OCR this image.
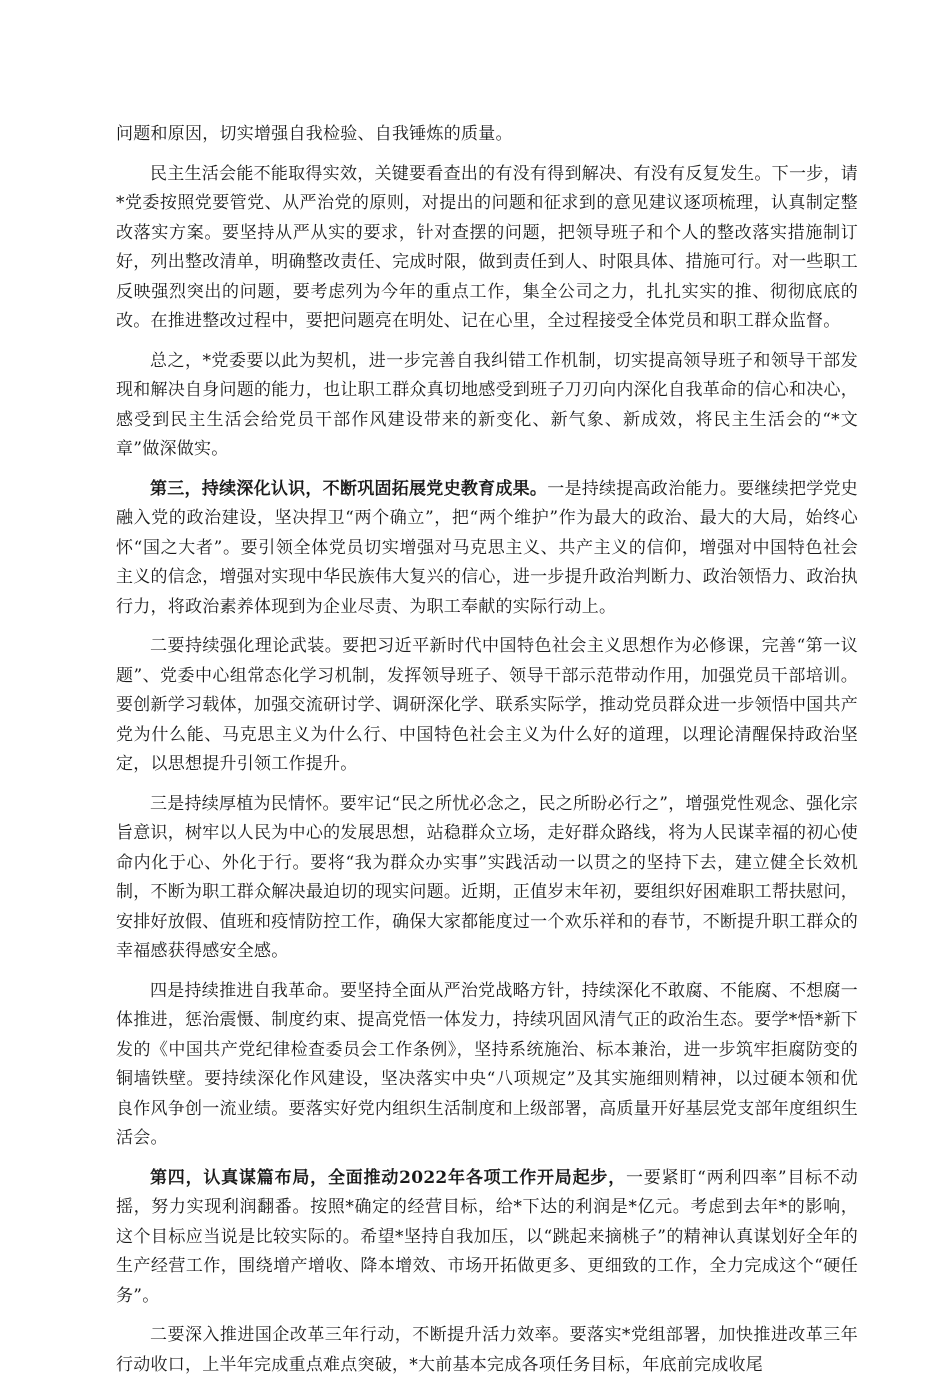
问题和原因，切实增强自我检验、自我锤炼的质量。

民主生活会能不能取得实效，关键要看查出的有没有得到解决、有没有反复发生。下一步，请*党委按照党要管党、从严治党的原则，对提出的问题和征求到的意见建议逐项梳理，认真制定整改落实方案。要坚持从严从实的要求，针对查摆的问题，把领导班子和个人的整改落实措施制订好，列出整改清单，明确整改责任、完成时限，做到责任到人、时限具体、措施可行。对一些职工反映强烈突出的问题，要考虑列为今年的重点工作，集全公司之力，扎扎实实的推、彻彻底底的改。在推进整改过程中，要把问题亮在明处、记在心里，全过程接受全体党员和职工群众监督。

总之，*党委要以此为契机，进一步完善自我纠错工作机制，切实提高领导班子和领导干部发现和解决自身问题的能力，也让职工群众真切地感受到班子刀刃向内深化自我革命的信心和决心，感受到民主生活会给党员干部作风建设带来的新变化、新气象、新成效，将民主生活会的“*文章”做深做实。

第三，持续深化认识，不断巩固拓展党史教育成果。一是持续提高政治能力。要继续把学党史融入党的政治建设，坚决捍卫“两个确立”，把“两个维护”作为最大的政治、最大的大局，始终心怀“国之大者”。要引领全体党员切实增强对马克思主义、共产主义的信仰，增强对中国特色社会主义的信念，增强对实现中华民族伟大复兴的信心，进一步提升政治判断力、政治领悟力、政治执行力，将政治素养体现到为企业尽责、为职工奉献的实际行动上。

二要持续强化理论武装。要把习近平新时代中国特色社会主义思想作为必修课，完善“第一议题”、党委中心组常态化学习机制，发挥领导班子、领导干部示范带动作用，加强党员干部培训。要创新学习载体，加强交流研讨学、调研深化学、联系实际学，推动党员群众进一步领悟中国共产党为什么能、马克思主义为什么行、中国特色社会主义为什么好的道理，以理论清醒保持政治坚定，以思想提升引领工作提升。

三是持续厚植为民情怀。要牢记“民之所忧必念之，民之所盼必行之”，增强党性观念、强化宗旨意识，树牢以人民为中心的发展思想，站稳群众立场，走好群众路线，将为人民谋幸福的初心使命内化于心、外化于行。要将“我为群众办实事”实践活动一以贯之的坚持下去，建立健全长效机制，不断为职工群众解决最迫切的现实问题。近期，正值岁末年初，要组织好困难职工帮扶慰问，安排好放假、值班和疫情防控工作，确保大家都能度过一个欢乐祥和的春节，不断提升职工群众的幸福感获得感安全感。

四是持续推进自我革命。要坚持全面从严治党战略方针，持续深化不敢腐、不能腐、不想腐一体推进，惩治震慑、制度约束、提高党悟一体发力，持续巩固风清气正的政治生态。要学*悟*新下发的《中国共产党纪律检查委员会工作条例》，坚持系统施治、标本兼治，进一步筑牢拒腐防变的铜墙铁壁。要持续深化作风建设，坚决落实中央“八项规定”及其实施细则精神，以过硬本领和优良作风争创一流业绩。要落实好党内组织生活制度和上级部署，高质量开好基层党支部年度组织生活会。

第四，认真谋篇布局，全面推动2022年各项工作开局起步，一要紧盯“两利四率”目标不动摇，努力实现利润翻番。按照*确定的经营目标，给*下达的利润是*亿元。考虑到去年*的影响，这个目标应当说是比较实际的。希望*坚持自我加压，以“跳起来摘桃子”的精神认真谋划好全年的生产经营工作，围绕增产增收、降本增效、市场开拓做更多、更细致的工作，全力完成这个“硬任务”。

二要深入推进国企改革三年行动，不断提升活力效率。要落实*党组部署，加快推进改革三年行动收口，上半年完成重点难点突破，*大前基本完成各项任务目标，年底前完成收尾
